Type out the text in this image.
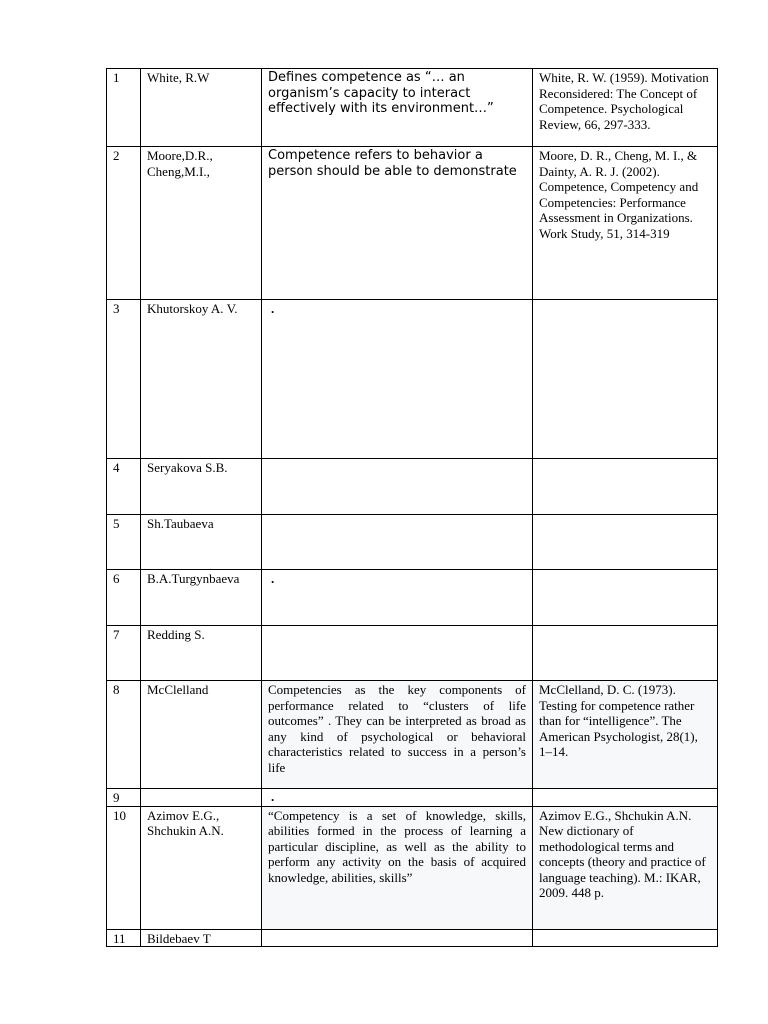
1	White, R.W	Defines competence as “… an organism’s capacity to interact effectively with its environment…”	White, R. W. (1959). Motivation Reconsidered: The Concept of Competence. Psychological Review, 66, 297-333.
2	Moore,D.R., Cheng,M.I.,	Competence refers to behavior a person should be able to demonstrate	Moore, D. R., Cheng, M. I., & Dainty, A. R. J. (2002). Competence, Competency and Competencies: Performance Assessment in Organizations. Work Study, 51, 314-319
3	Khutorskoy A. V.	.	

4	Seryakova S.B.		
5	Sh.Taubaeva		
6	B.A.Turgynbaeva	.	

7	Redding S.		
8	McClelland	Competencies as the key components of performance related to “clusters of life outcomes” . They can be interpreted as broad as any kind of psychological or behavioral characteristics related to success in a person’s life	McClelland, D. C. (1973). Testing for competence rather than for “intelligence”. The American Psychologist, 28(1), 1–14.
9		.	

10	Azimov E.G., Shchukin A.N.	“Competency is a set of knowledge, skills, abilities formed in the process of learning a particular discipline, as well as the ability to perform any activity on the basis of acquired knowledge, abilities, skills”	Azimov E.G., Shchukin A.N. New dictionary of methodological terms and concepts (theory and practice of language teaching). M.: IKAR, 2009. 448 p.
11	Bildebaev T		
